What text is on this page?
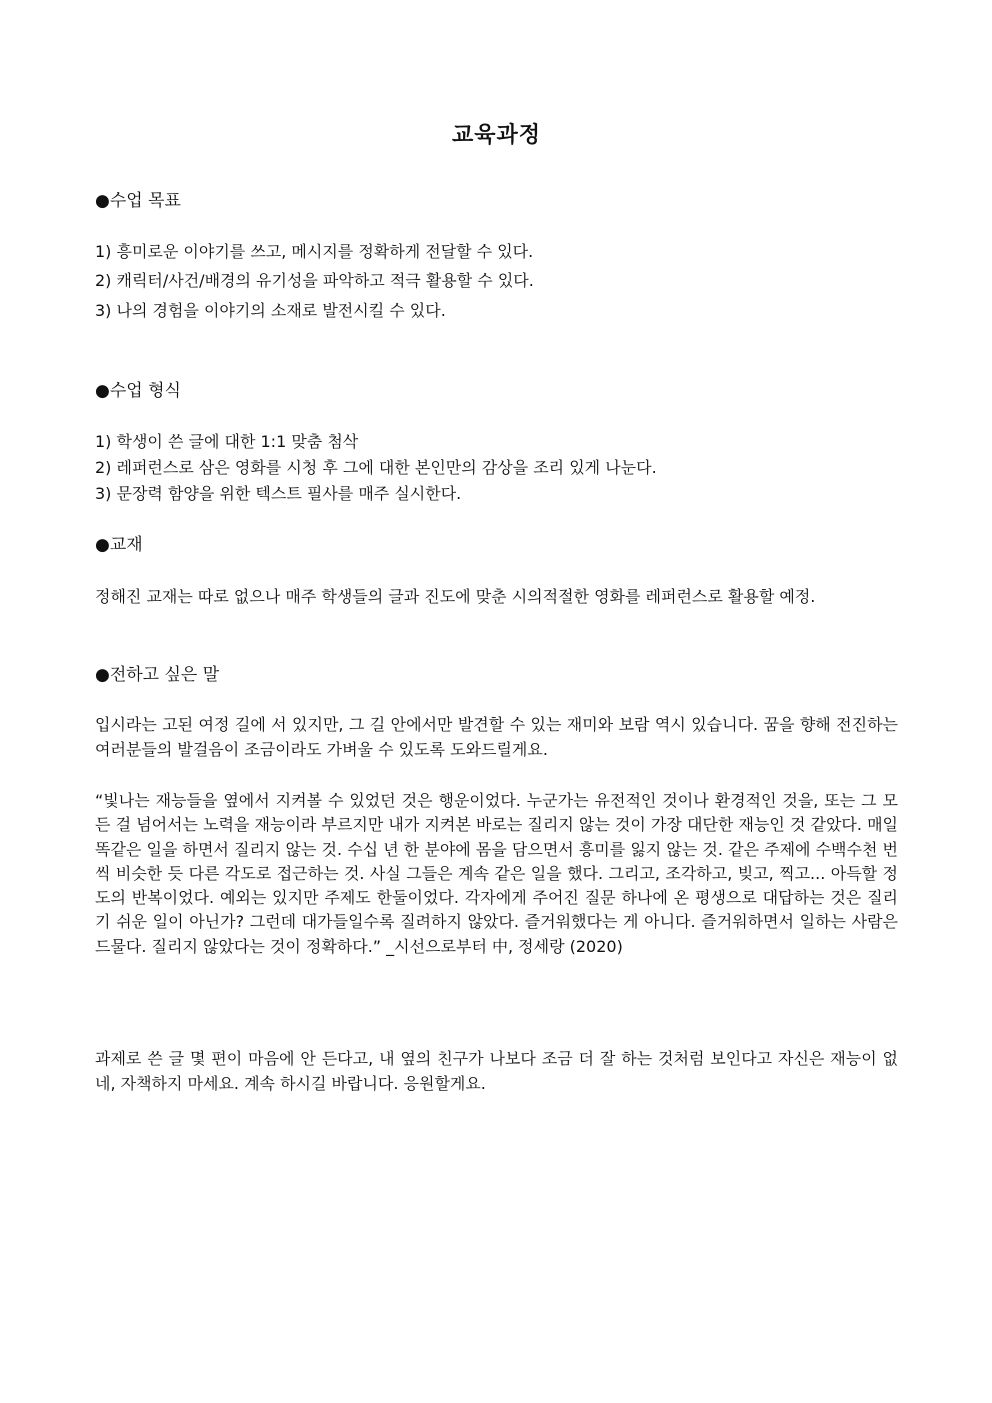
교육과정
●수업 목표
1) 흥미로운 이야기를 쓰고, 메시지를 정확하게 전달할 수 있다.
2) 캐릭터/사건/배경의 유기성을 파악하고 적극 활용할 수 있다.
3) 나의 경험을 이야기의 소재로 발전시킬 수 있다.
●수업 형식
1) 학생이 쓴 글에 대한 1:1 맞춤 첨삭
2) 레퍼런스로 삼은 영화를 시청 후 그에 대한 본인만의 감상을 조리 있게 나눈다.
3) 문장력 함양을 위한 텍스트 필사를 매주 실시한다.
●교재
정해진 교재는 따로 없으나 매주 학생들의 글과 진도에 맞춘 시의적절한 영화를 레퍼런스로 활용할 예정.
●전하고 싶은 말
입시라는 고된 여정 길에 서 있지만, 그 길 안에서만 발견할 수 있는 재미와 보람 역시 있습니다. 꿈을 향해 전진하는 여러분들의 발걸음이 조금이라도 가벼울 수 있도록 도와드릴게요.
“빛나는 재능들을 옆에서 지켜볼 수 있었던 것은 행운이었다. 누군가는 유전적인 것이나 환경적인 것을, 또는 그 모든 걸 넘어서는 노력을 재능이라 부르지만 내가 지켜본 바로는 질리지 않는 것이 가장 대단한 재능인 것 같았다. 매일 똑같은 일을 하면서 질리지 않는 것. 수십 년 한 분야에 몸을 담으면서 흥미를 잃지 않는 것. 같은 주제에 수백수천 번씩 비슷한 듯 다른 각도로 접근하는 것. 사실 그들은 계속 같은 일을 했다. 그리고, 조각하고, 빚고, 찍고... 아득할 정도의 반복이었다. 예외는 있지만 주제도 한둘이었다. 각자에게 주어진 질문 하나에 온 평생으로 대답하는 것은 질리기 쉬운 일이 아닌가? 그런데 대가들일수록 질려하지 않았다. 즐거워했다는 게 아니다. 즐거워하면서 일하는 사람은 드물다. 질리지 않았다는 것이 정확하다.” _시선으로부터 中, 정세랑 (2020)
과제로 쓴 글 몇 편이 마음에 안 든다고, 내 옆의 친구가 나보다 조금 더 잘 하는 것처럼 보인다고 자신은 재능이 없네, 자책하지 마세요. 계속 하시길 바랍니다. 응원할게요.
